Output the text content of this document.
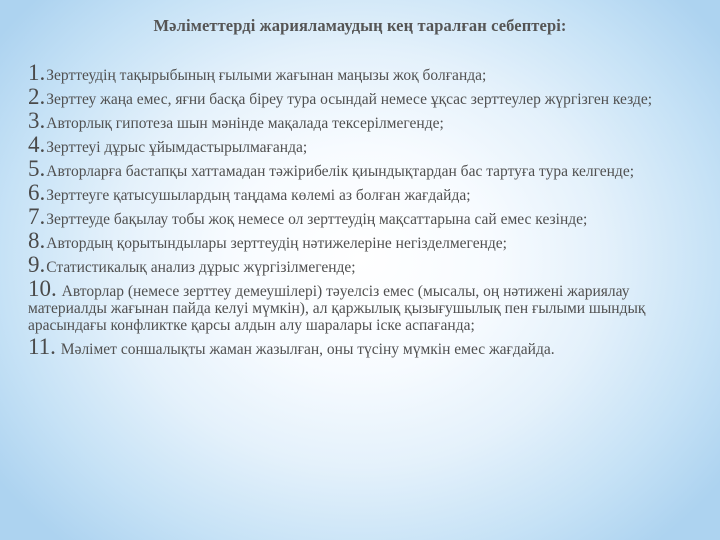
Мәліметтерді жарияламаудың кең таралған себептері:
1.Зерттеудің тақырыбының ғылыми жағынан маңызы жоқ болғанда;
2.Зерттеу жаңа емес, яғни басқа біреу тура осындай немесе ұқсас зерттеулер жүргізген кезде;
3.Авторлық гипотеза шын мәнінде мақалада тексерілмегенде;
4.Зерттеуі дұрыс ұйымдастырылмағанда;
5.Авторларға бастапқы хаттамадан тәжірибелік қиындықтардан бас тартуға тура келгенде;
6.Зерттеуге қатысушылардың таңдама көлемі аз болған жағдайда;
7.Зерттеуде бақылау тобы жоқ немесе ол зерттеудің мақсаттарына сай емес кезінде;
8.Автордың қорытындылары зерттеудің нәтижелеріне негізделмегенде;
9.Статистикалық анализ дұрыс жүргізілмегенде;
10. Авторлар (немесе зерттеу демеушілері) тәуелсіз емес (мысалы, оң нәтижені жариялау материалды жағынан пайда келуі мүмкін), ал қаржылық қызығушылық пен ғылыми шындық арасындағы конфликтке қарсы алдын алу шаралары іске аспағанда;
11. Мәлімет соншалықты жаман жазылған, оны түсіну мүмкін емес жағдайда.
